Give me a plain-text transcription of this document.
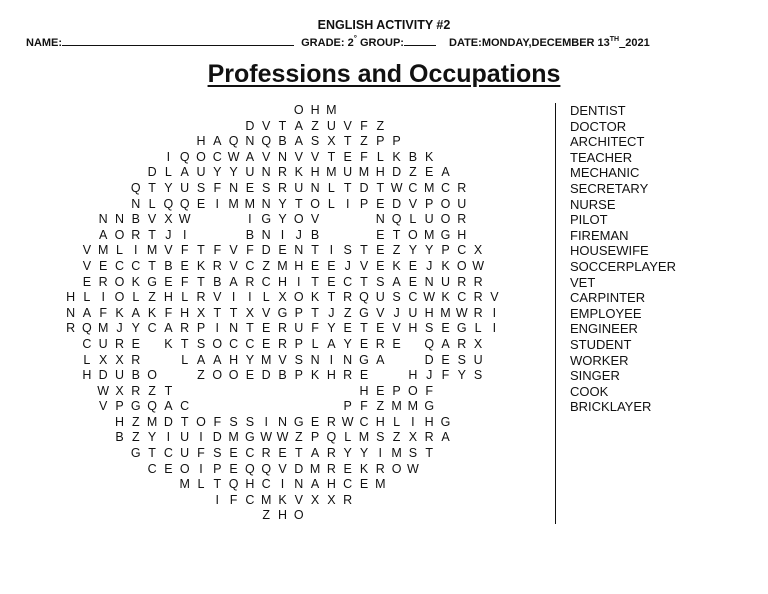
ENGLISH ACTIVITY #2
NAME:	GRADE: 2° GROUP:	DATE:MONDAY,DECEMBER 13TH 2021
Professions and Occupations
O H M
D V T A Z U V F Z
H A Q N Q B A S X T Z P P
I Q O C W A V N V V T E F L K B K
D L A U Y Y U N R K H M U M H D Z E A
Q T Y U S F N E S R U N L T D T W C M C R
N L Q Q E I M M N Y T O L I P E D V P O U
N N B V X W	I G Y O V	N Q L U O R
A O R T J I	B N I J B	E T O M G H
V M L I M V F T F V F D E N T I S T E Z Y Y P C X
V E C C T B E K R V C Z M H E E J V E K E J K O W
E R O K G E F T B A R C H I T E C T S A E N U R R
H L I O L Z H L R V I	I L X O K T R Q U S C W K C R V
N A F K A K F H X T T X V G P T J Z G V J U H M W R I
R Q M J Y C A R P I N T E R U F Y E T E V H S E G L I
C U R E	K T S O C C E R P L A Y E R E	Q A R X
L X X R	L A A H Y M V S N I N G A	D E S U
H D U B O	Z O O E D B P K H R E	H J F Y S
W X R Z T	H E P O F
V P G Q A C	P F Z M M G
H Z M D T O F S S I N G E R W C H L I H G
B Z Y I U I D M G W W Z P Q L M S Z X R A
G T C U F S E C R E T A R Y Y I M S T
C E O I P E Q Q V D M R E K R O W
M L T Q H C I N A H C E M
I F C M K V X X R
Z H O
DENTIST
DOCTOR
ARCHITECT
TEACHER
MECHANIC
SECRETARY
NURSE
PILOT
FIREMAN
HOUSEWIFE
SOCCERPLAYER
VET
CARPINTER
EMPLOYEE
ENGINEER
STUDENT
WORKER
SINGER
COOK
BRICKLAYER
